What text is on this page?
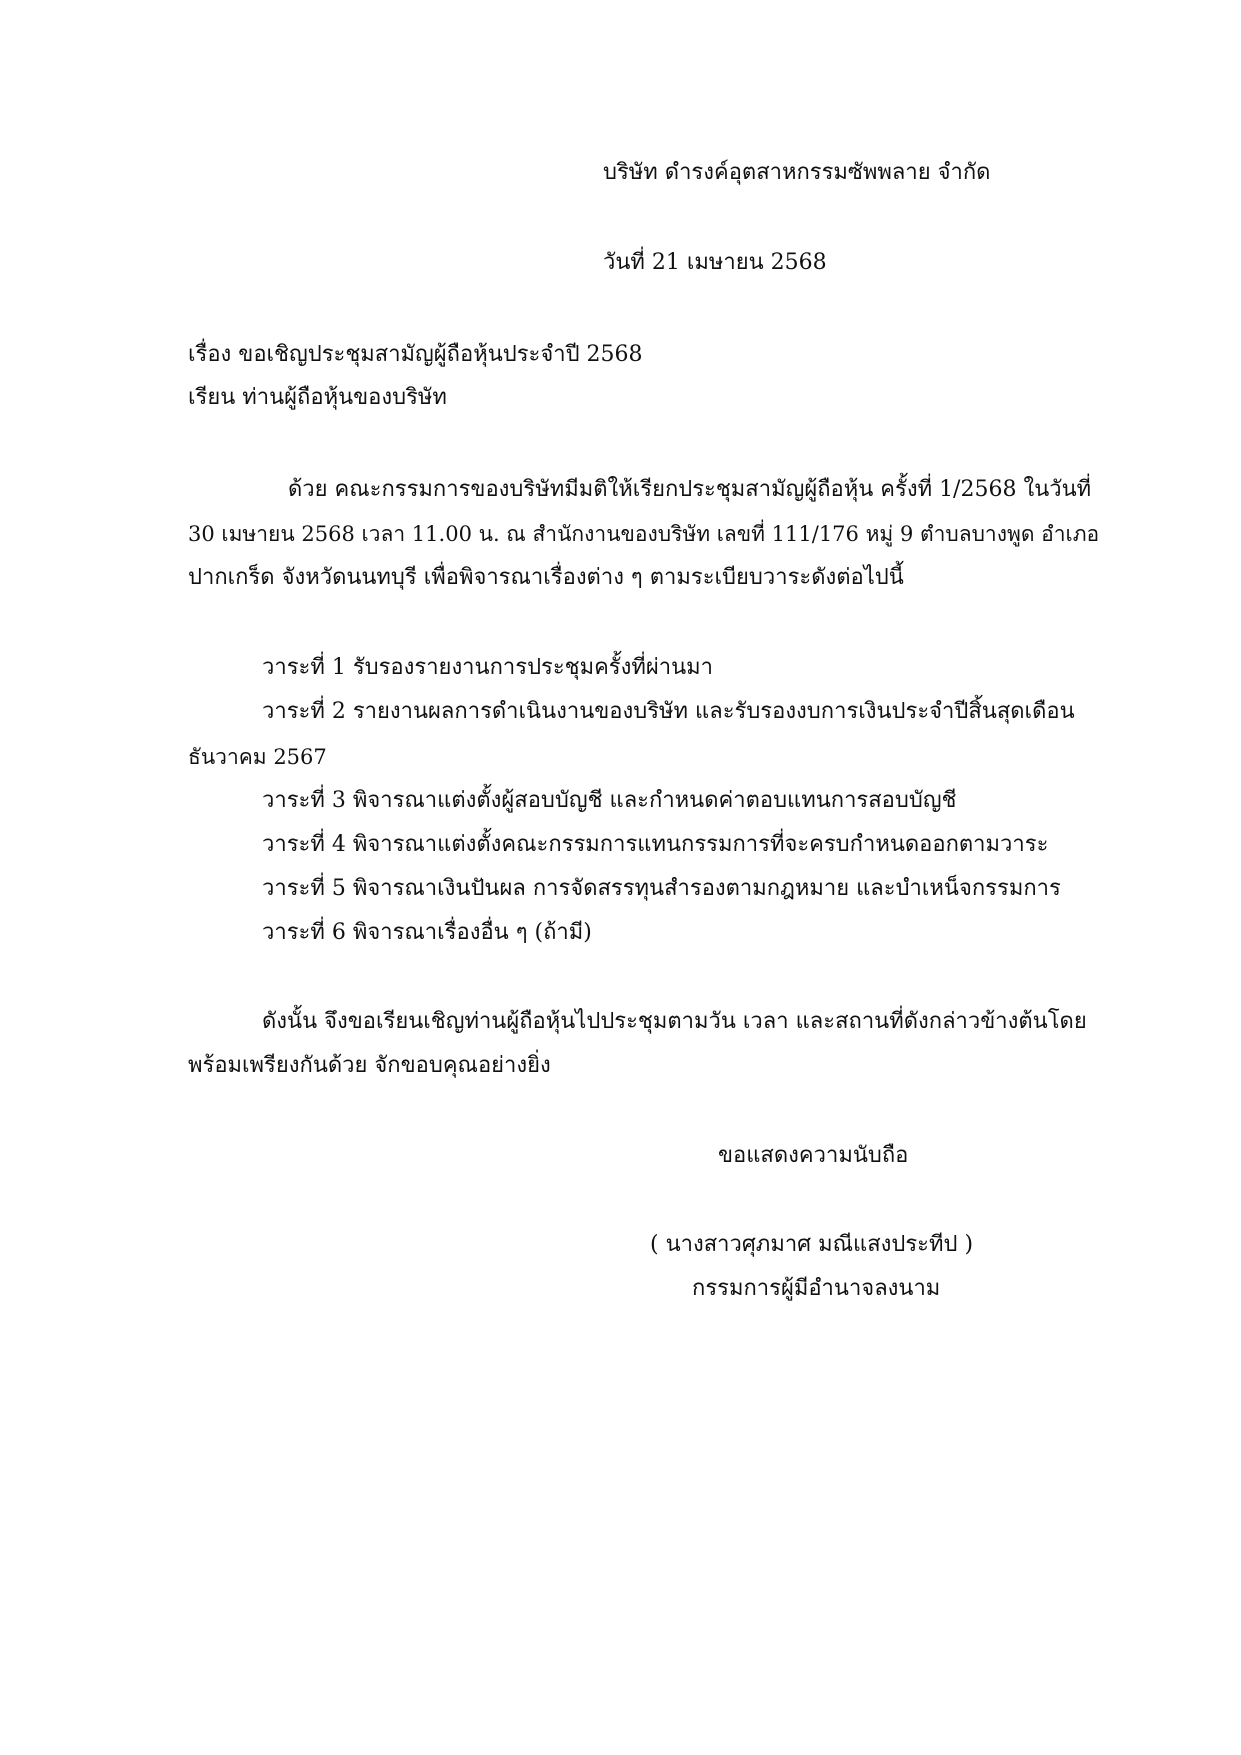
บริษัท ดำรงค์อุตสาหกรรมซัพพลาย จำกัด
วันที่ 21 เมษายน 2568
เรื่อง ขอเชิญประชุมสามัญผู้ถือหุ้นประจำปี 2568
เรียน ท่านผู้ถือหุ้นของบริษัท
ด้วย คณะกรรมการของบริษัทมีมติให้เรียกประชุมสามัญผู้ถือหุ้น ครั้งที่ 1/2568 ในวันที่
30 เมษายน 2568 เวลา 11.00 น. ณ สำนักงานของบริษัท เลขที่ 111/176 หมู่ 9 ตำบลบางพูด อำเภอ
ปากเกร็ด จังหวัดนนทบุรี เพื่อพิจารณาเรื่องต่าง ๆ ตามระเบียบวาระดังต่อไปนี้
วาระที่ 1 รับรองรายงานการประชุมครั้งที่ผ่านมา
วาระที่ 2 รายงานผลการดำเนินงานของบริษัท และรับรองงบการเงินประจำปีสิ้นสุดเดือน
ธันวาคม 2567
วาระที่ 3 พิจารณาแต่งตั้งผู้สอบบัญชี และกำหนดค่าตอบแทนการสอบบัญชี
วาระที่ 4 พิจารณาแต่งตั้งคณะกรรมการแทนกรรมการที่จะครบกำหนดออกตามวาระ
วาระที่ 5 พิจารณาเงินปันผล การจัดสรรทุนสำรองตามกฎหมาย และบำเหน็จกรรมการ
วาระที่ 6 พิจารณาเรื่องอื่น ๆ (ถ้ามี)
ดังนั้น จึงขอเรียนเชิญท่านผู้ถือหุ้นไปประชุมตามวัน เวลา และสถานที่ดังกล่าวข้างต้นโดย
พร้อมเพรียงกันด้วย จักขอบคุณอย่างยิ่ง
ขอแสดงความนับถือ
( นางสาวศุภมาศ มณีแสงประทีป )
กรรมการผู้มีอำนาจลงนาม
